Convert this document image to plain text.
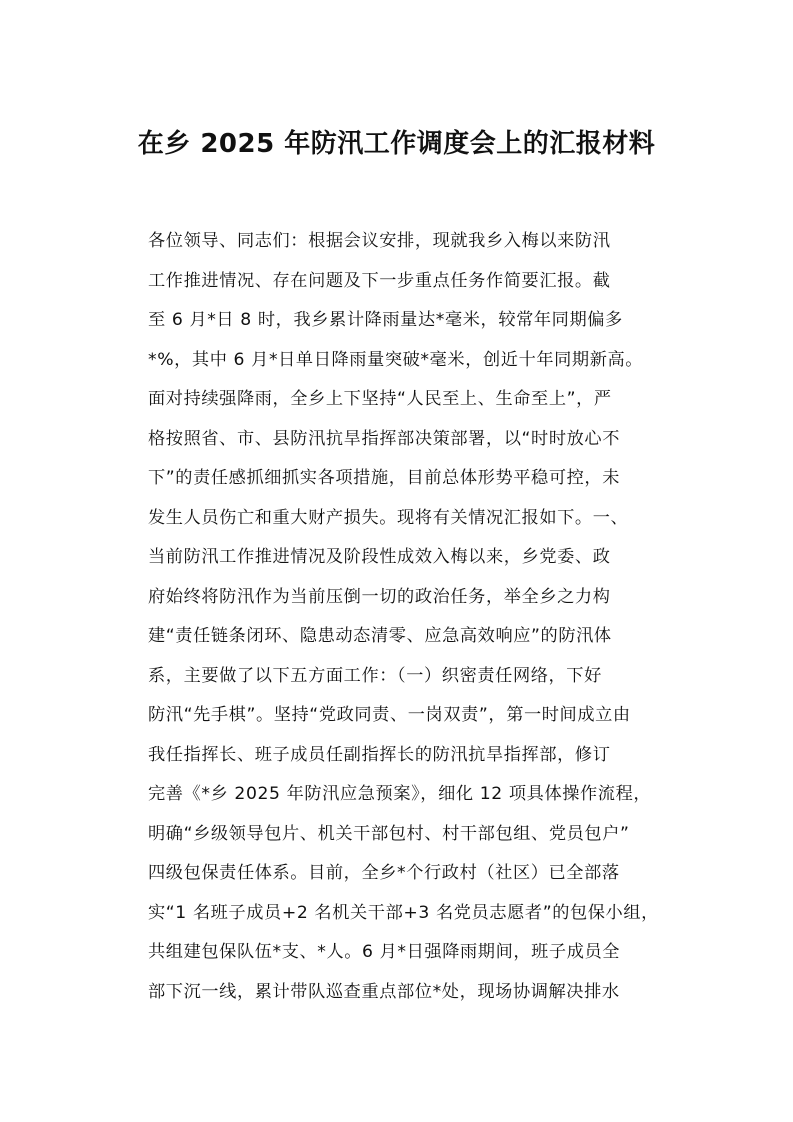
在乡 2025 年防汛工作调度会上的汇报材料
各位领导、同志们：根据会议安排，现就我乡入梅以来防汛
工作推进情况、存在问题及下一步重点任务作简要汇报。截
至 6 月*日 8 时，我乡累计降雨量达*毫米，较常年同期偏多
*%，其中 6 月*日单日降雨量突破*毫米，创近十年同期新高。
面对持续强降雨，全乡上下坚持“人民至上、生命至上”，严
格按照省、市、县防汛抗旱指挥部决策部署，以“时时放心不
下”的责任感抓细抓实各项措施，目前总体形势平稳可控，未
发生人员伤亡和重大财产损失。现将有关情况汇报如下。一、
当前防汛工作推进情况及阶段性成效入梅以来，乡党委、政
府始终将防汛作为当前压倒一切的政治任务，举全乡之力构
建“责任链条闭环、隐患动态清零、应急高效响应”的防汛体
系，主要做了以下五方面工作：（一）织密责任网络，下好
防汛“先手棋”。坚持“党政同责、一岗双责”，第一时间成立由
我任指挥长、班子成员任副指挥长的防汛抗旱指挥部，修订
完善《*乡 2025 年防汛应急预案》，细化 12 项具体操作流程，
明确“乡级领导包片、机关干部包村、村干部包组、党员包户”
四级包保责任体系。目前，全乡*个行政村（社区）已全部落
实“1 名班子成员+2 名机关干部+3 名党员志愿者”的包保小组，
共组建包保队伍*支、*人。6 月*日强降雨期间，班子成员全
部下沉一线，累计带队巡查重点部位*处，现场协调解决排水
